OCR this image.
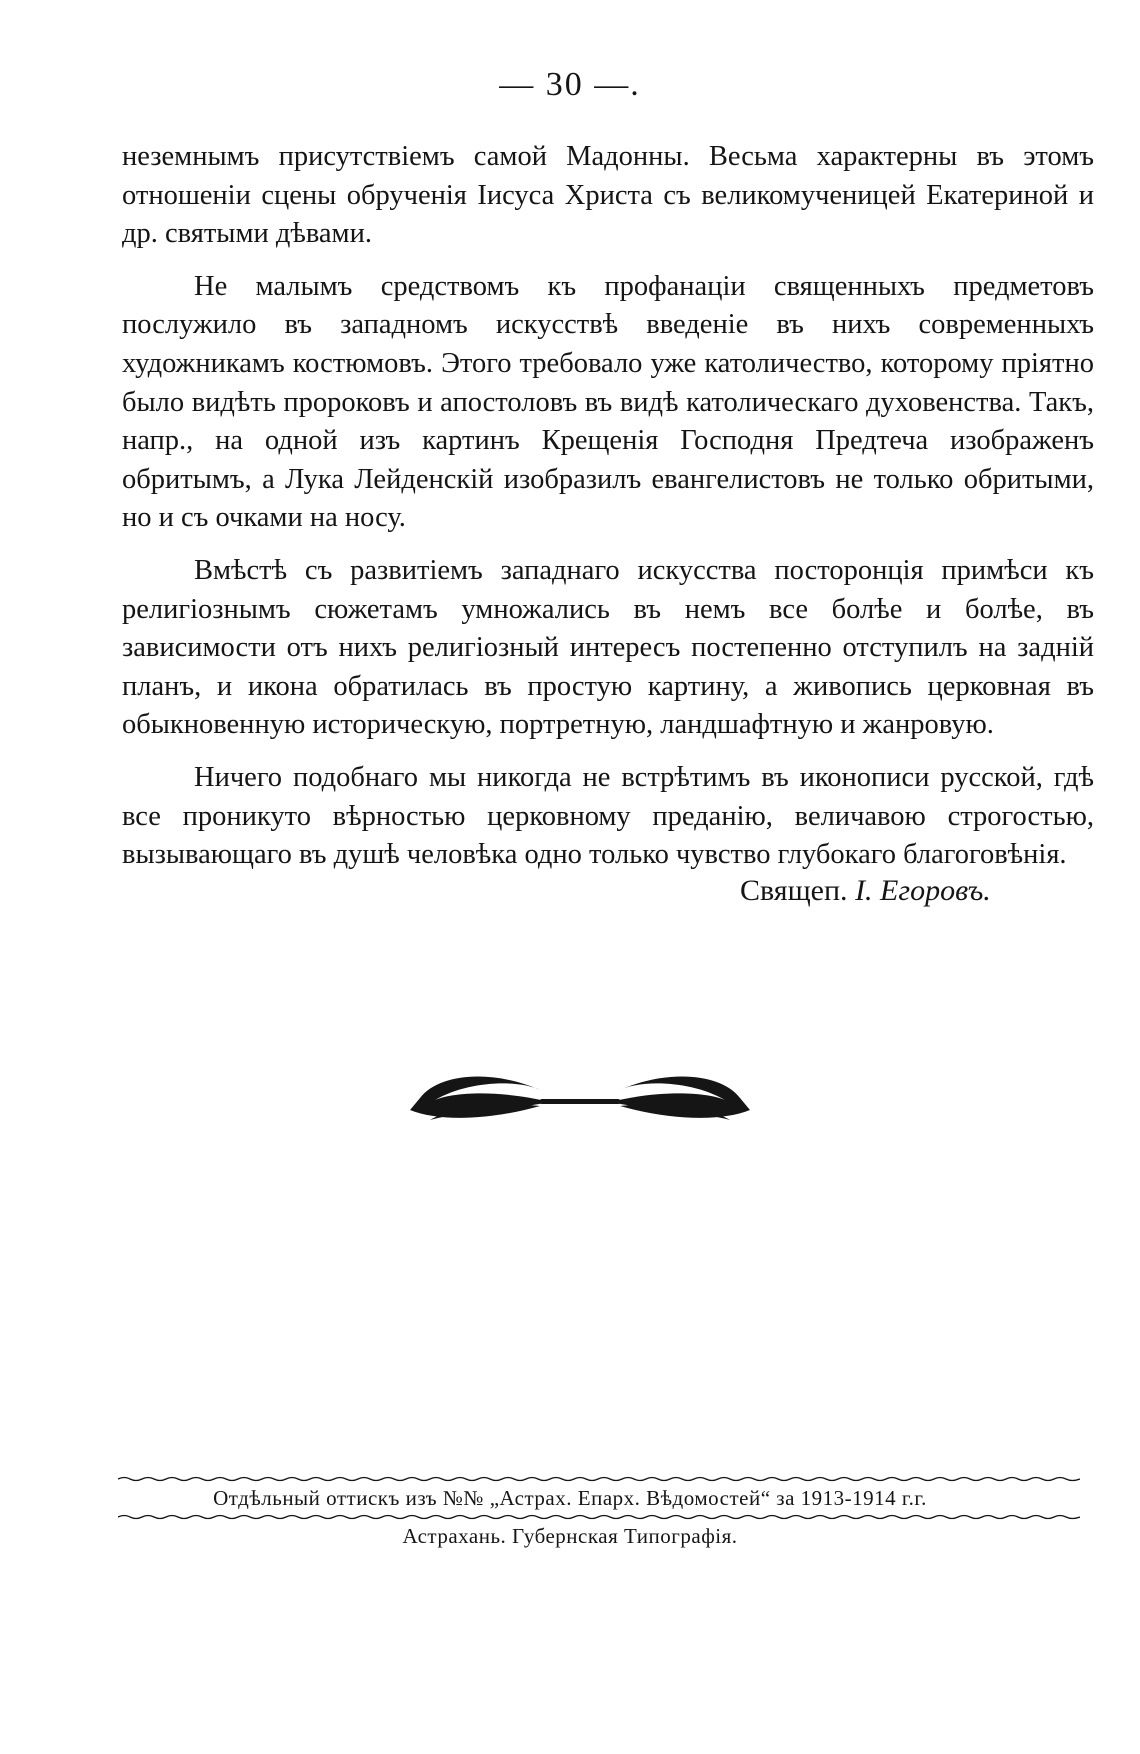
— 30 —.

неземнымъ присутствіемъ самой Мадонны. Весьма характерны въ этомъ отношеніи сцены обрученія Іисуса Христа съ великомученицей Екатериной и др. святыми дѣвами.

Не малымъ средствомъ къ профанаціи священныхъ предметовъ послужило въ западномъ искусствѣ введеніе въ нихъ современныхъ художникамъ костюмовъ. Этого требовало уже католичество, которому пріятно было видѣть пророковъ и апостоловъ въ видѣ католическаго духовенства. Такъ, напр., на одной изъ картинъ Крещенія Господня Предтеча изображенъ обритымъ, а Лука Лейденскій изобразилъ евангелистовъ не только обритыми, но и съ очками на носу.

Вмѣстѣ съ развитіемъ западнаго искусства посторонція примѣси къ религіознымъ сюжетамъ умножались въ немъ все болѣе и болѣе, въ зависимости отъ нихъ религіозный интересъ постепенно отступилъ на задній планъ, и икона обратилась въ простую картину, а живопись церковная въ обыкновенную историческую, портретную, ландшафтную и жанровую.

Ничего подобнаго мы никогда не встрѣтимъ въ иконописи русской, гдѣ все проникуто вѣрностью церковному преданію, величавою строгостью, вызывающаго въ душѣ человѣка одно только чувство глубокаго благоговѣнія.

Свящеп. І. Егоровъ.
Отдѣльный оттискъ изъ №№ „Астрах. Епарх. Вѣдомостей“ за 1913-1914 г.г.
Астрахань. Губернская Типографія.
